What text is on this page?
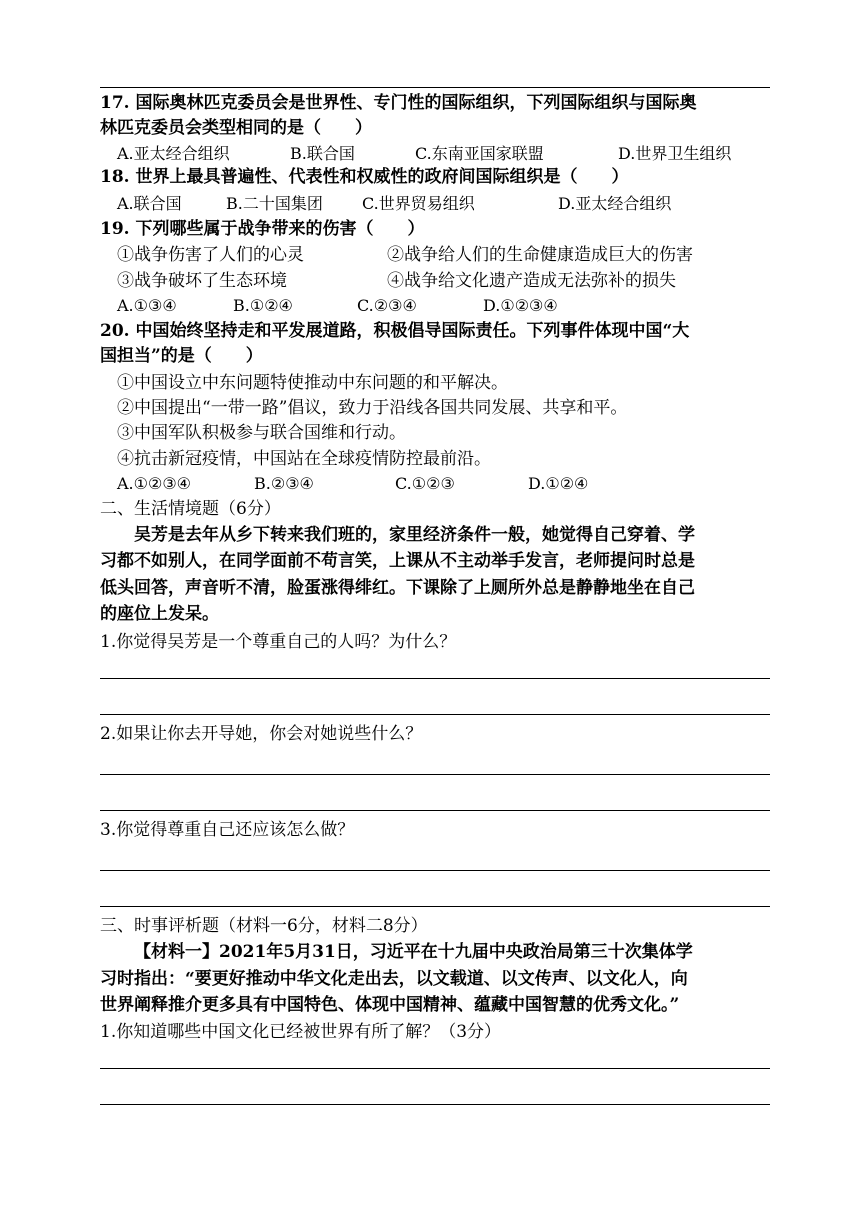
17. 国际奥林匹克委员会是世界性、专门性的国际组织，下列国际组织与国际奥
林匹克委员会类型相同的是（　　）
A.亚太经合组织	B.联合国	C.东南亚国家联盟	D.世界卫生组织
18. 世界上最具普遍性、代表性和权威性的政府间国际组织是（　　）
A.联合国	B.二十国集团 C.世界贸易组织	D.亚太经合组织
19. 下列哪些属于战争带来的伤害（　　）
①战争伤害了人们的心灵	②战争给人们的生命健康造成巨大的伤害
③战争破坏了生态环境	④战争给文化遗产造成无法弥补的损失
A.①③④	B.①②④	C.②③④	D.①②③④
20. 中国始终坚持走和平发展道路，积极倡导国际责任。下列事件体现中国“大
国担当”的是（　　）
①中国设立中东问题特使推动中东问题的和平解决。
②中国提出“一带一路”倡议，致力于沿线各国共同发展、共享和平。
③中国军队积极参与联合国维和行动。
④抗击新冠疫情，中国站在全球疫情防控最前沿。
A.①②③④	B.②③④	C.①②③	D.①②④
二、生活情境题（6分）
吴芳是去年从乡下转来我们班的，家里经济条件一般，她觉得自己穿着、学
习都不如别人，在同学面前不苟言笑，上课从不主动举手发言，老师提问时总是
低头回答，声音听不清，脸蛋涨得绯红。下课除了上厕所外总是静静地坐在自己
的座位上发呆。
1.你觉得吴芳是一个尊重自己的人吗？为什么？
2.如果让你去开导她，你会对她说些什么？
3.你觉得尊重自己还应该怎么做？
三、时事评析题（材料一6分，材料二8分）
【材料一】2021年5月31日，习近平在十九届中央政治局第三十次集体学
习时指出：“要更好推动中华文化走出去，以文载道、以文传声、以文化人，向
世界阐释推介更多具有中国特色、体现中国精神、蕴藏中国智慧的优秀文化。”
1.你知道哪些中国文化已经被世界有所了解？（3分）
